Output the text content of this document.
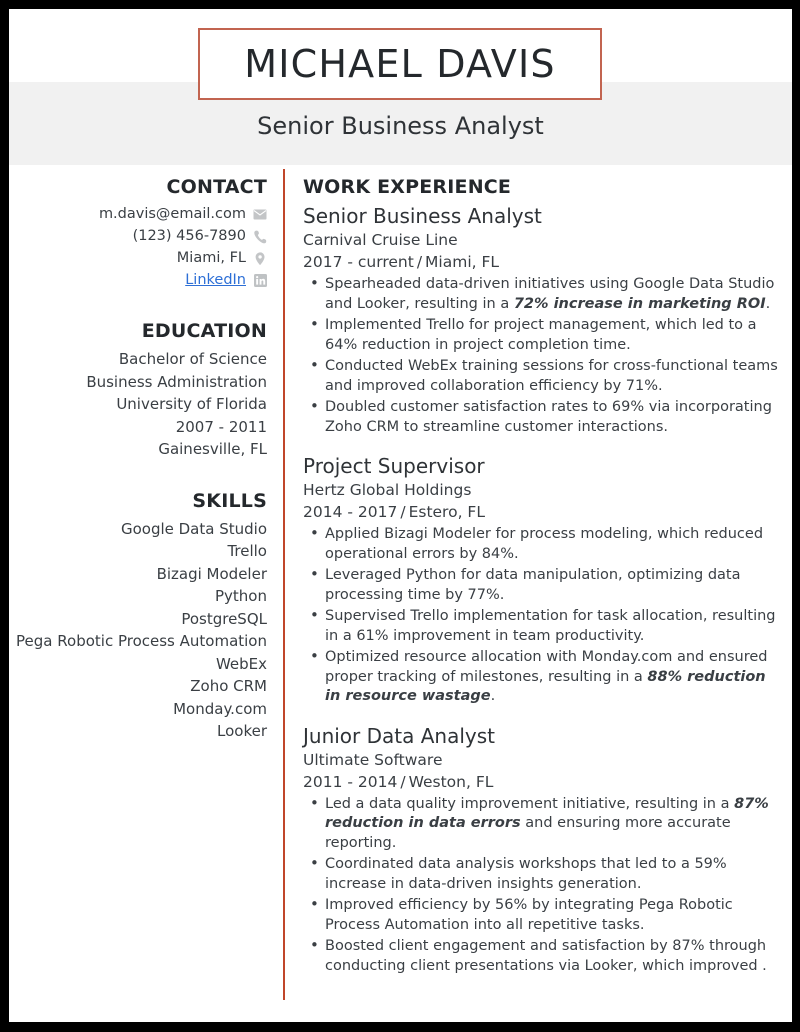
MICHAEL DAVIS
Senior Business Analyst
CONTACT
m.davis@email.com
(123) 456-7890
Miami, FL
LinkedIn
EDUCATION
Bachelor of Science
Business Administration
University of Florida
2007 - 2011
Gainesville, FL
SKILLS
Google Data Studio
Trello
Bizagi Modeler
Python
PostgreSQL
Pega Robotic Process Automation
WebEx
Zoho CRM
Monday.com
Looker
WORK EXPERIENCE
Senior Business Analyst
Carnival Cruise Line
2017 - current / Miami, FL
• Spearheaded data-driven initiatives using Google Data Studio and Looker, resulting in a 72% increase in marketing ROI.
• Implemented Trello for project management, which led to a 64% reduction in project completion time.
• Conducted WebEx training sessions for cross-functional teams and improved collaboration efficiency by 71%.
• Doubled customer satisfaction rates to 69% via incorporating Zoho CRM to streamline customer interactions.
Project Supervisor
Hertz Global Holdings
2014 - 2017 / Estero, FL
• Applied Bizagi Modeler for process modeling, which reduced operational errors by 84%.
• Leveraged Python for data manipulation, optimizing data processing time by 77%.
• Supervised Trello implementation for task allocation, resulting in a 61% improvement in team productivity.
• Optimized resource allocation with Monday.com and ensured proper tracking of milestones, resulting in a 88% reduction in resource wastage.
Junior Data Analyst
Ultimate Software
2011 - 2014 / Weston, FL
• Led a data quality improvement initiative, resulting in a 87% reduction in data errors and ensuring more accurate reporting.
• Coordinated data analysis workshops that led to a 59% increase in data-driven insights generation.
• Improved efficiency by 56% by integrating Pega Robotic Process Automation into all repetitive tasks.
• Boosted client engagement and satisfaction by 87% through conducting client presentations via Looker, which improved .
